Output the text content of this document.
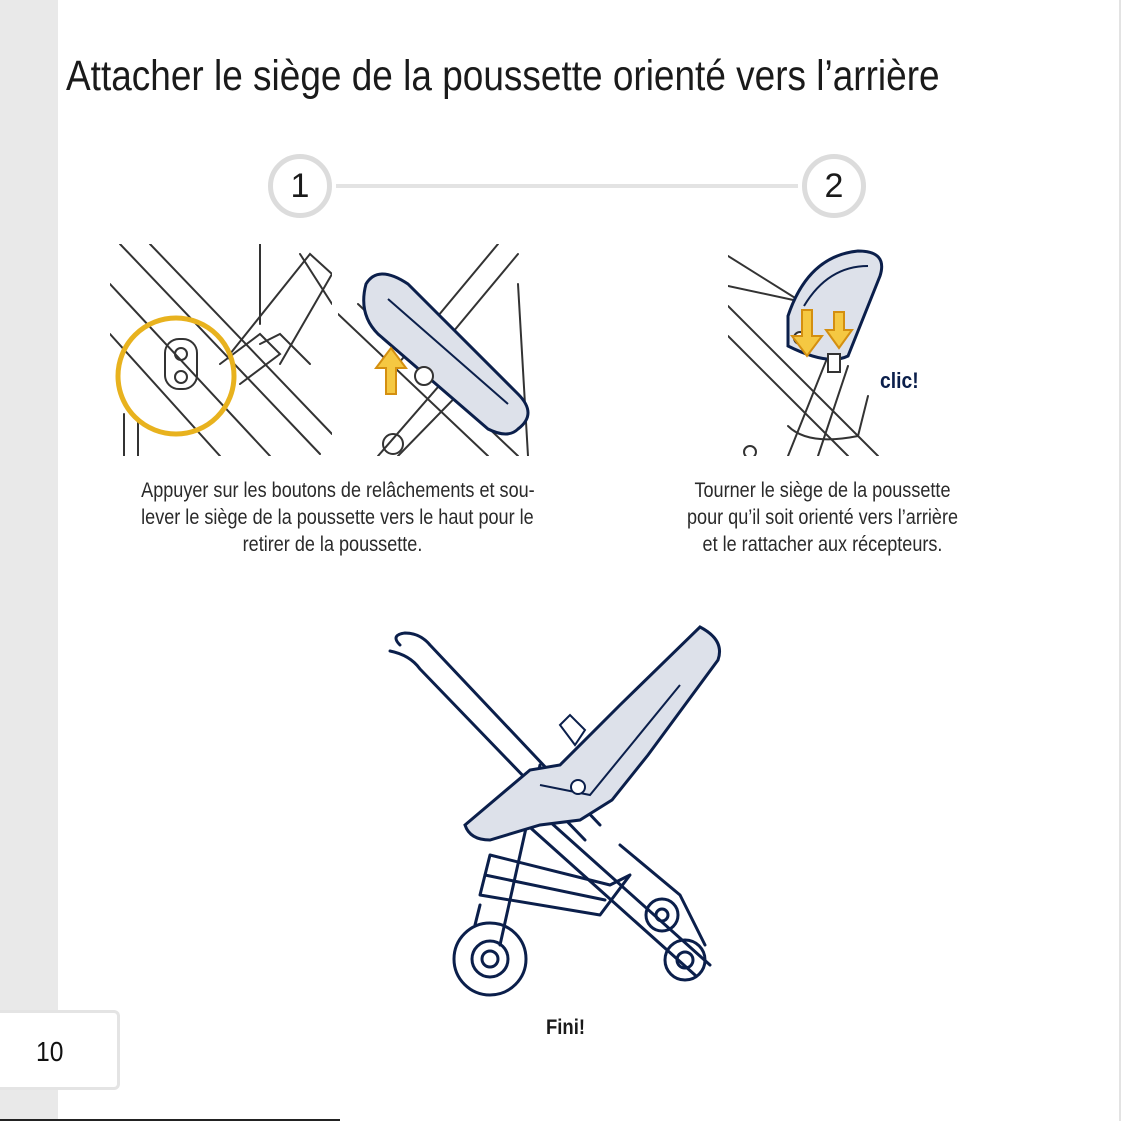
Attacher le siège de la poussette orienté vers l’arrière
1	2
clic!

Appuyer sur les boutons de relâchements et sou-
lever le siège de la poussette vers le haut pour le
retirer de la poussette.

Tourner le siège de la poussette
pour qu’il soit orienté vers l’arrière
et le rattacher aux récepteurs.

Fini!
10
